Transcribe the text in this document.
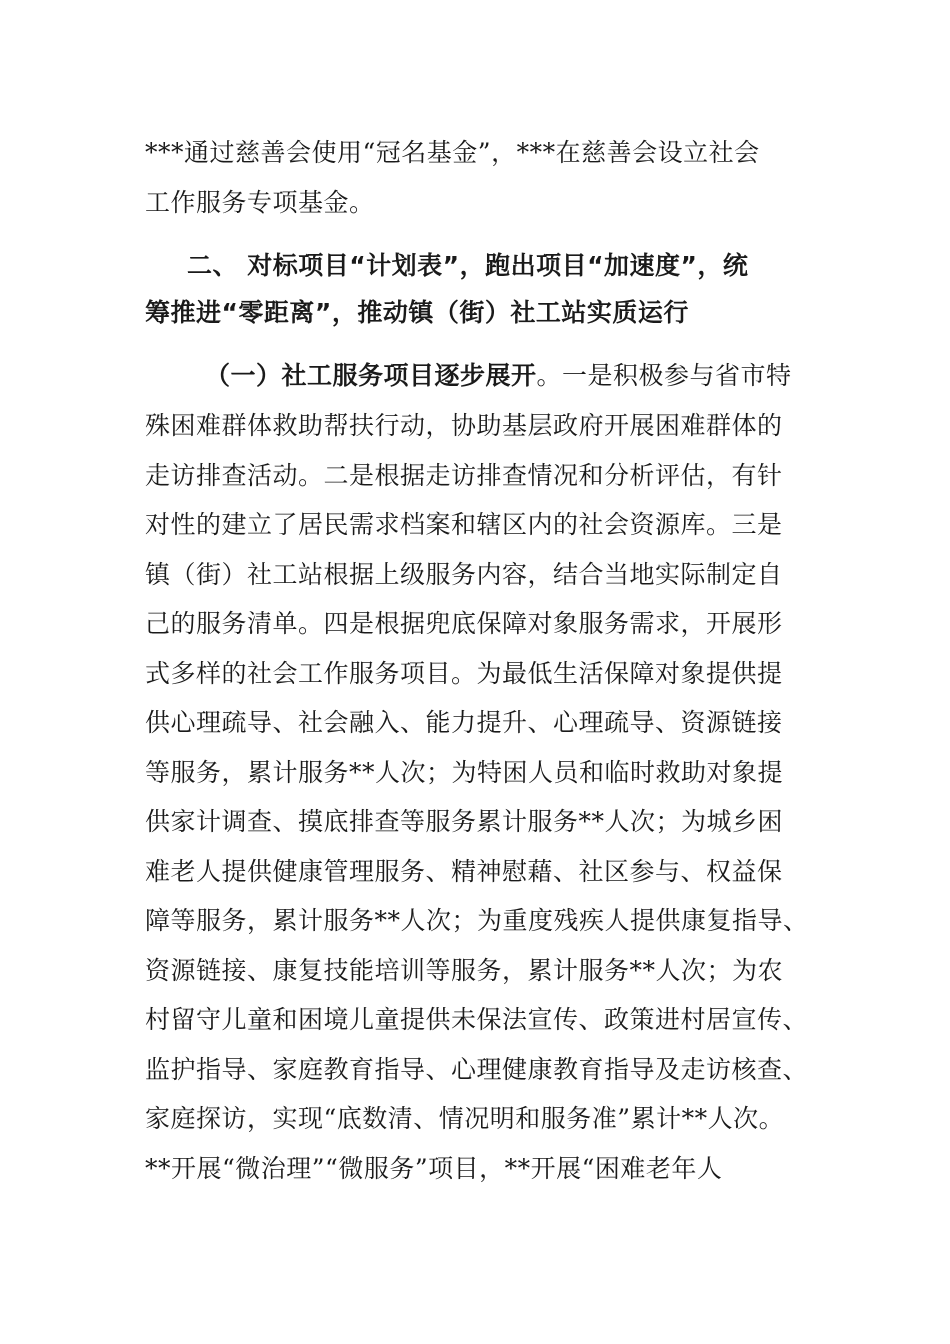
***通过慈善会使用“冠名基金”，***在慈善会设立社会
工作服务专项基金。
二、 对标项目“计划表”，跑出项目“加速度”，统
筹推进“零距离”，推动镇（街）社工站实质运行
（一）社工服务项目逐步展开。一是积极参与省市特
殊困难群体救助帮扶行动，协助基层政府开展困难群体的
走访排查活动。二是根据走访排查情况和分析评估，有针
对性的建立了居民需求档案和辖区内的社会资源库。三是
镇（街）社工站根据上级服务内容，结合当地实际制定自
己的服务清单。四是根据兜底保障对象服务需求，开展形
式多样的社会工作服务项目。为最低生活保障对象提供提
供心理疏导、社会融入、能力提升、心理疏导、资源链接
等服务，累计服务**人次；为特困人员和临时救助对象提
供家计调查、摸底排查等服务累计服务**人次；为城乡困
难老人提供健康管理服务、精神慰藉、社区参与、权益保
障等服务，累计服务**人次；为重度残疾人提供康复指导、
资源链接、康复技能培训等服务，累计服务**人次；为农
村留守儿童和困境儿童提供未保法宣传、政策进村居宣传、
监护指导、家庭教育指导、心理健康教育指导及走访核查、
家庭探访，实现“底数清、情况明和服务准”累计**人次。
**开展“微治理”“微服务”项目，**开展“困难老年人
